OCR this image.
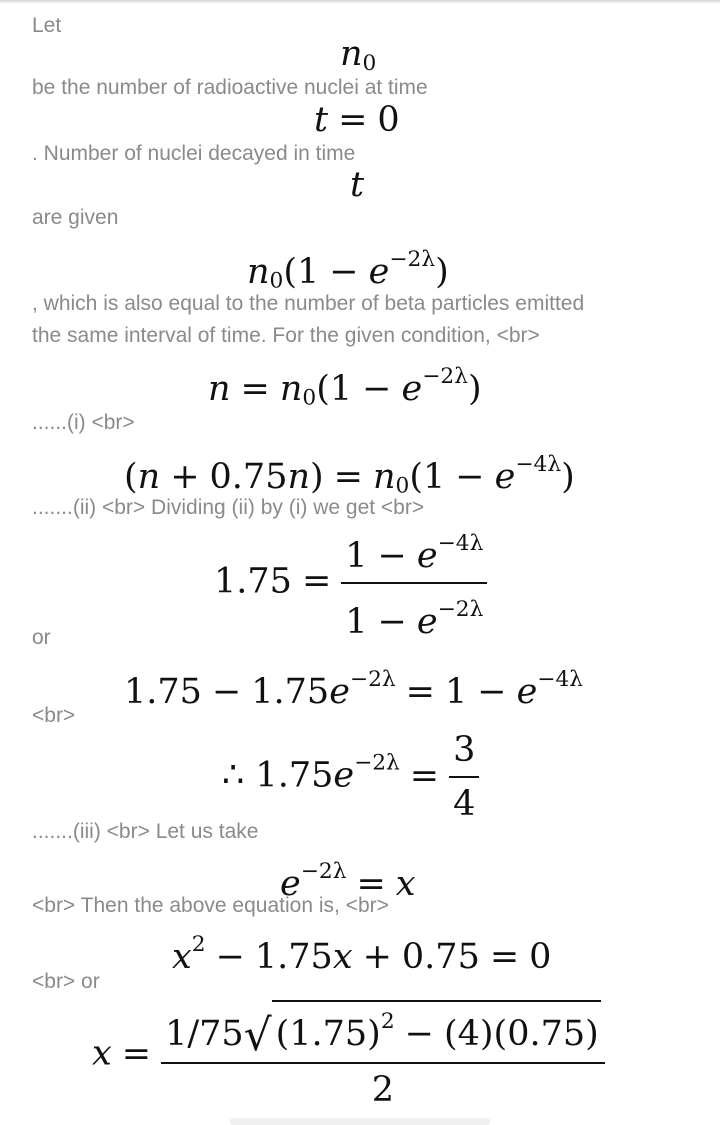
Let
$n_0$
be the number of radioactive nuclei at time
t = 0
. Number of nuclei decayed in time
t
are given
$n_0(1 - e^{-2\lambda})$
, which is also equal to the number of beta particles emitted
the same interval of time. For the given condition, <br>
$n = n_0(1 - e^{-2\lambda})$
......(i) <br>
$(n + 0.75n) = n_0(1 - e^{-4\lambda})$
.......(ii) <br> Dividing (ii) by (i) we get <br>
$1.75 = \frac{1 - e^{-4\lambda}}{1 - e^{-2\lambda}}$
or
$1.75 - 1.75e^{-2\lambda} = 1 - e^{-4\lambda}$
<br>
∴ $1.75e^{-2\lambda} = \frac{3}{4}$
.......(iii) <br> Let us take
$e^{-2\lambda} = x$
<br> Then the above equation is, <br>
$x^2 - 1.75x + 0.75 = 0$
<br> or
$x = \frac{1/75√ (1.75)^2 - (4)(0.75)}{2}$
